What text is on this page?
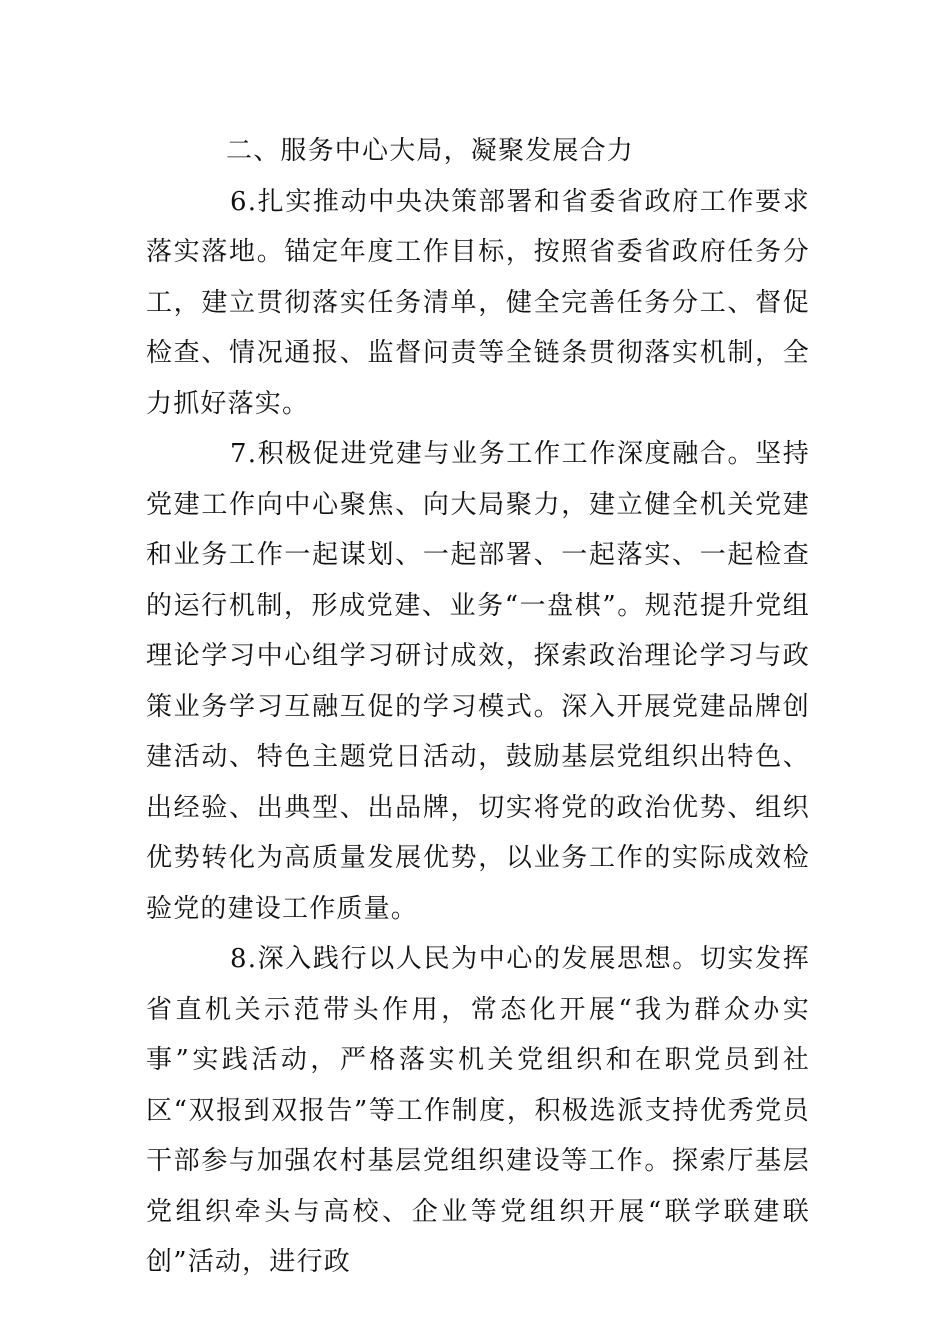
二、服务中心大局，凝聚发展合力

6.扎实推动中央决策部署和省委省政府工作要求落实落地。锚定年度工作目标，按照省委省政府任务分工，建立贯彻落实任务清单，健全完善任务分工、督促检查、情况通报、监督问责等全链条贯彻落实机制，全力抓好落实。

7.积极促进党建与业务工作工作深度融合。坚持党建工作向中心聚焦、向大局聚力，建立健全机关党建和业务工作一起谋划、一起部署、一起落实、一起检查的运行机制，形成党建、业务“一盘棋”。规范提升党组理论学习中心组学习研讨成效，探索政治理论学习与政策业务学习互融互促的学习模式。深入开展党建品牌创建活动、特色主题党日活动，鼓励基层党组织出特色、出经验、出典型、出品牌，切实将党的政治优势、组织优势转化为高质量发展优势，以业务工作的实际成效检验党的建设工作质量。

8.深入践行以人民为中心的发展思想。切实发挥省直机关示范带头作用，常态化开展“我为群众办实事”实践活动，严格落实机关党组织和在职党员到社区“双报到双报告”等工作制度，积极选派支持优秀党员干部参与加强农村基层党组织建设等工作。探索厅基层党组织牵头与高校、企业等党组织开展“联学联建联创”活动，进行政
